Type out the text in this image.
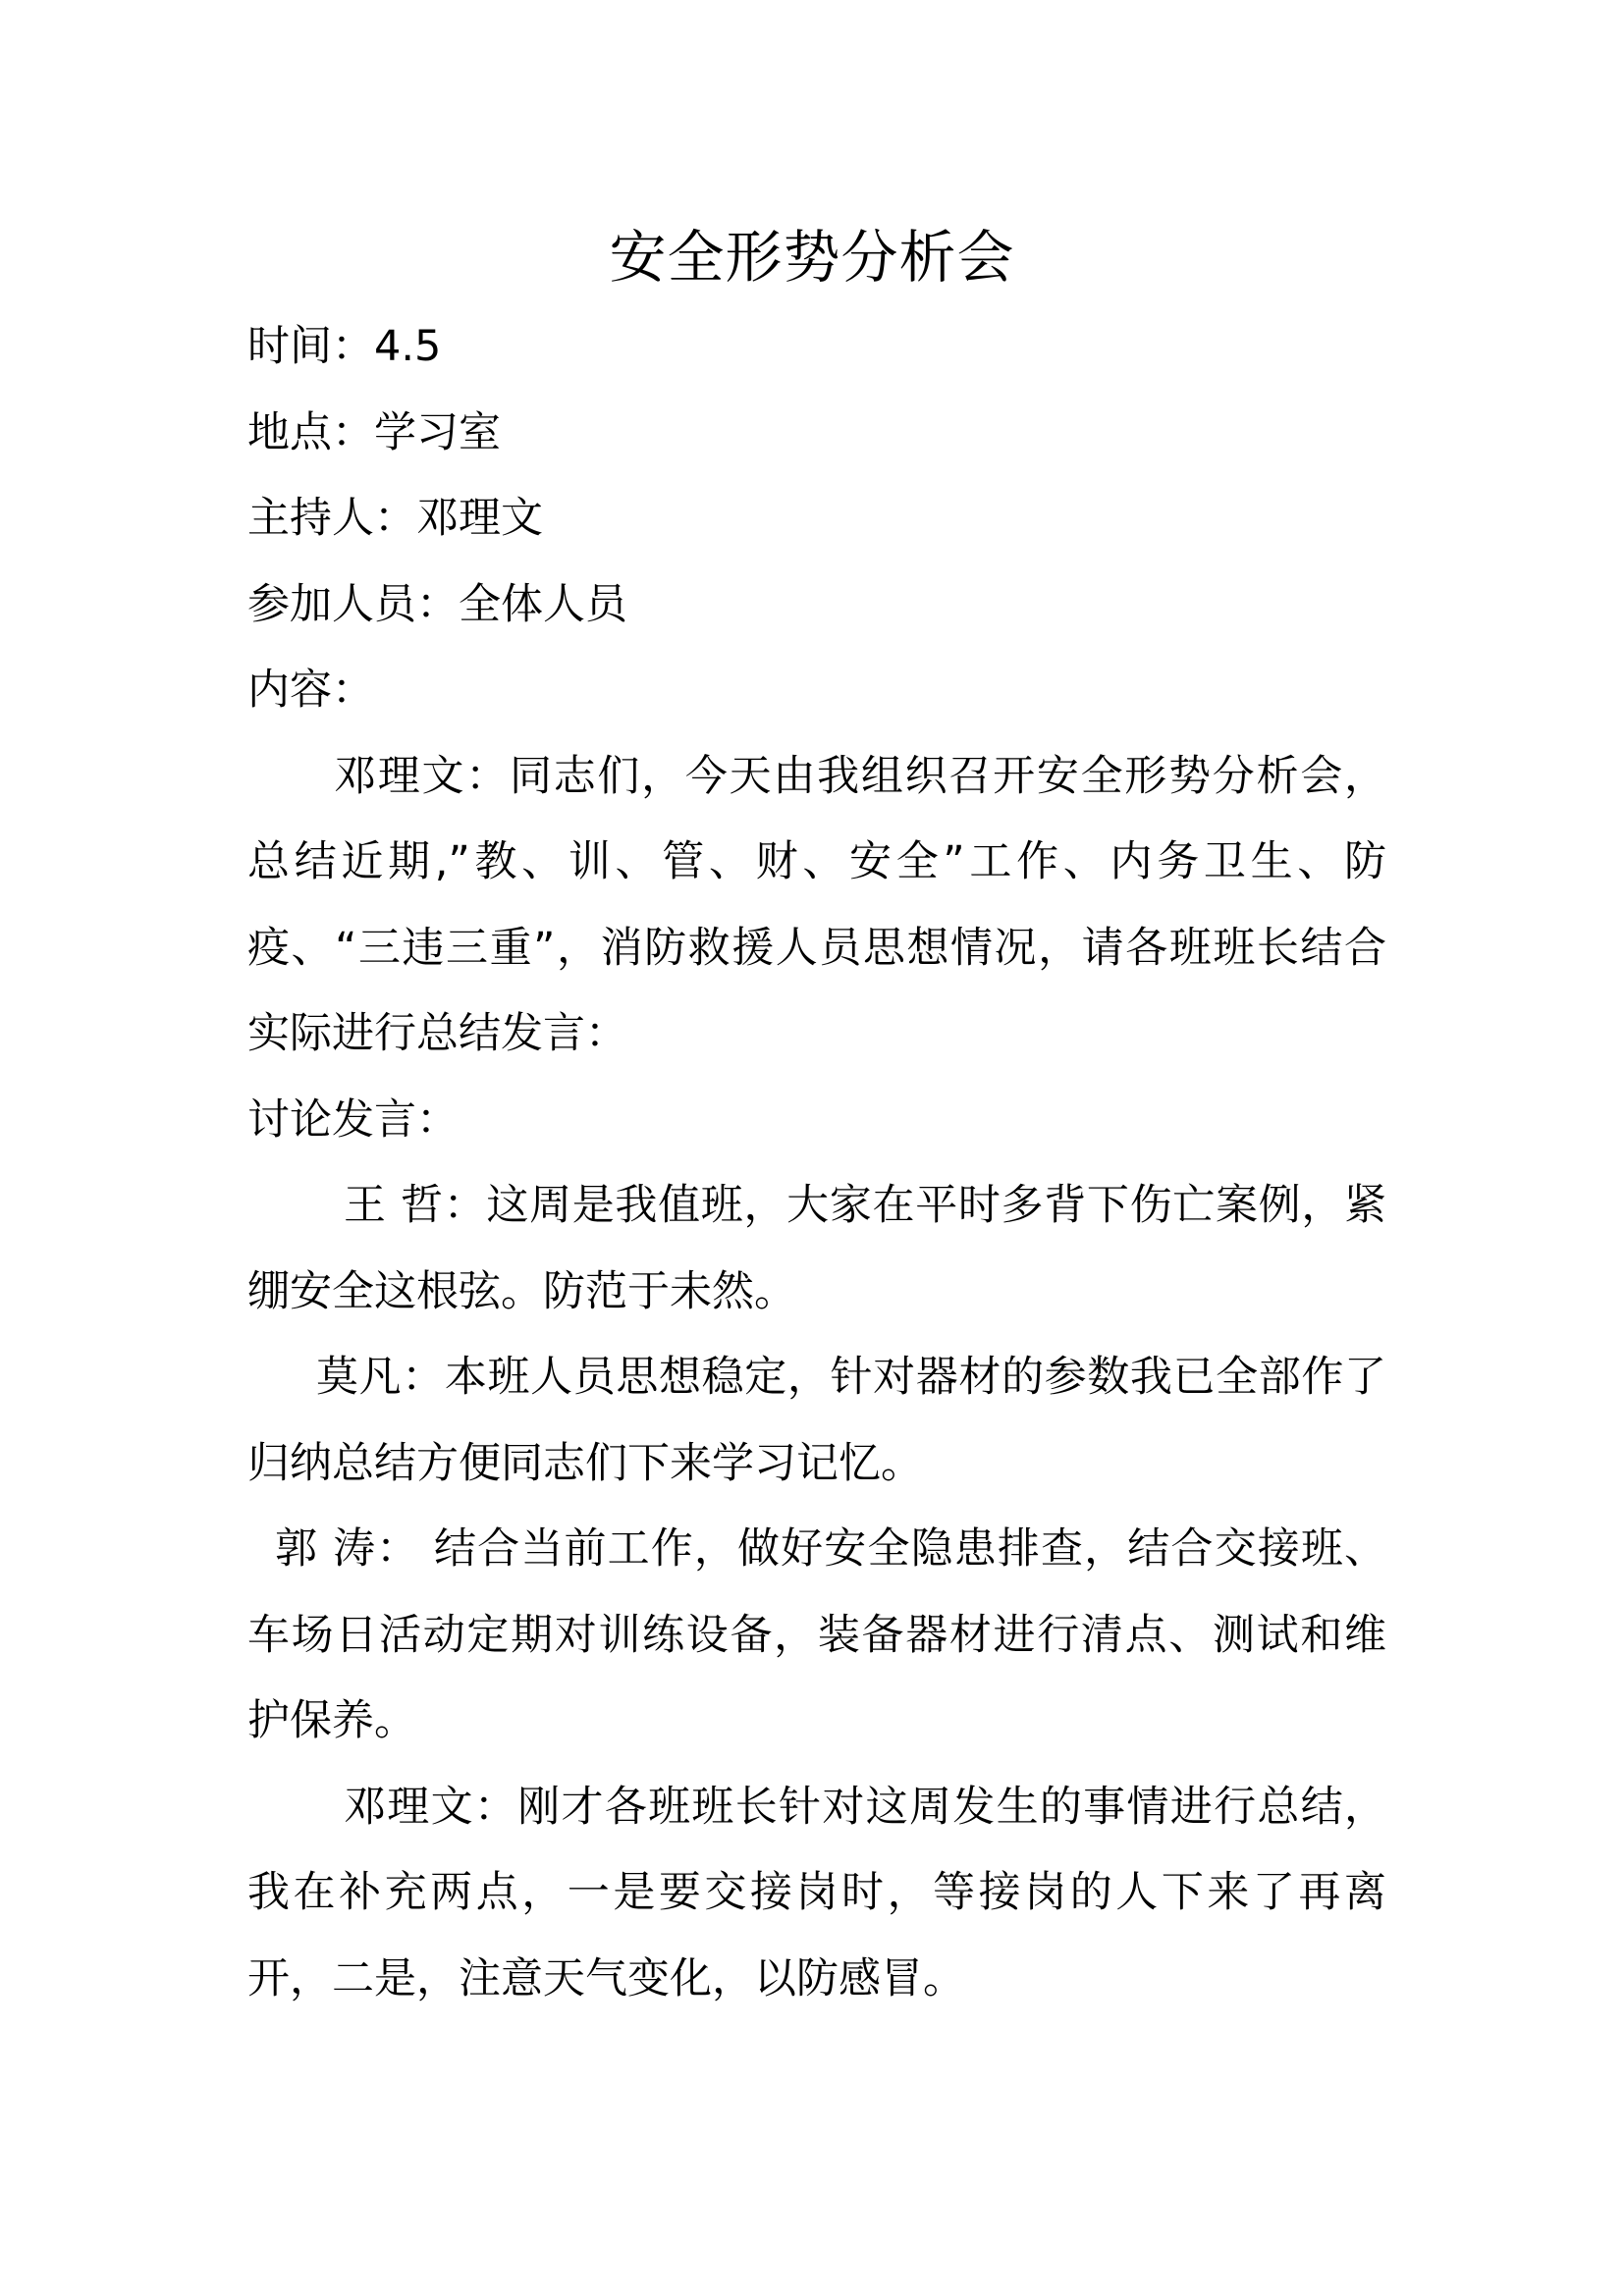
安全形势分析会
时间：4.5
地点：学习室
主持人：邓理文
参加人员：全体人员
内容：
邓理文：同志们，今天由我组织召开安全形势分析会，总结近期,”教、训、管、财、安全”工作、内务卫生、防疫、“三违三重”，消防救援人员思想情况，请各班班长结合实际进行总结发言：
讨论发言：
王 哲：这周是我值班，大家在平时多背下伤亡案例，紧绷安全这根弦。防范于未然。
莫凡：本班人员思想稳定，针对器材的参数我已全部作了归纳总结方便同志们下来学习记忆。
郭 涛： 结合当前工作，做好安全隐患排查，结合交接班、车场日活动定期对训练设备，装备器材进行清点、测试和维护保养。
邓理文：刚才各班班长针对这周发生的事情进行总结，我在补充两点，一是要交接岗时，等接岗的人下来了再离开，二是，注意天气变化，以防感冒。
